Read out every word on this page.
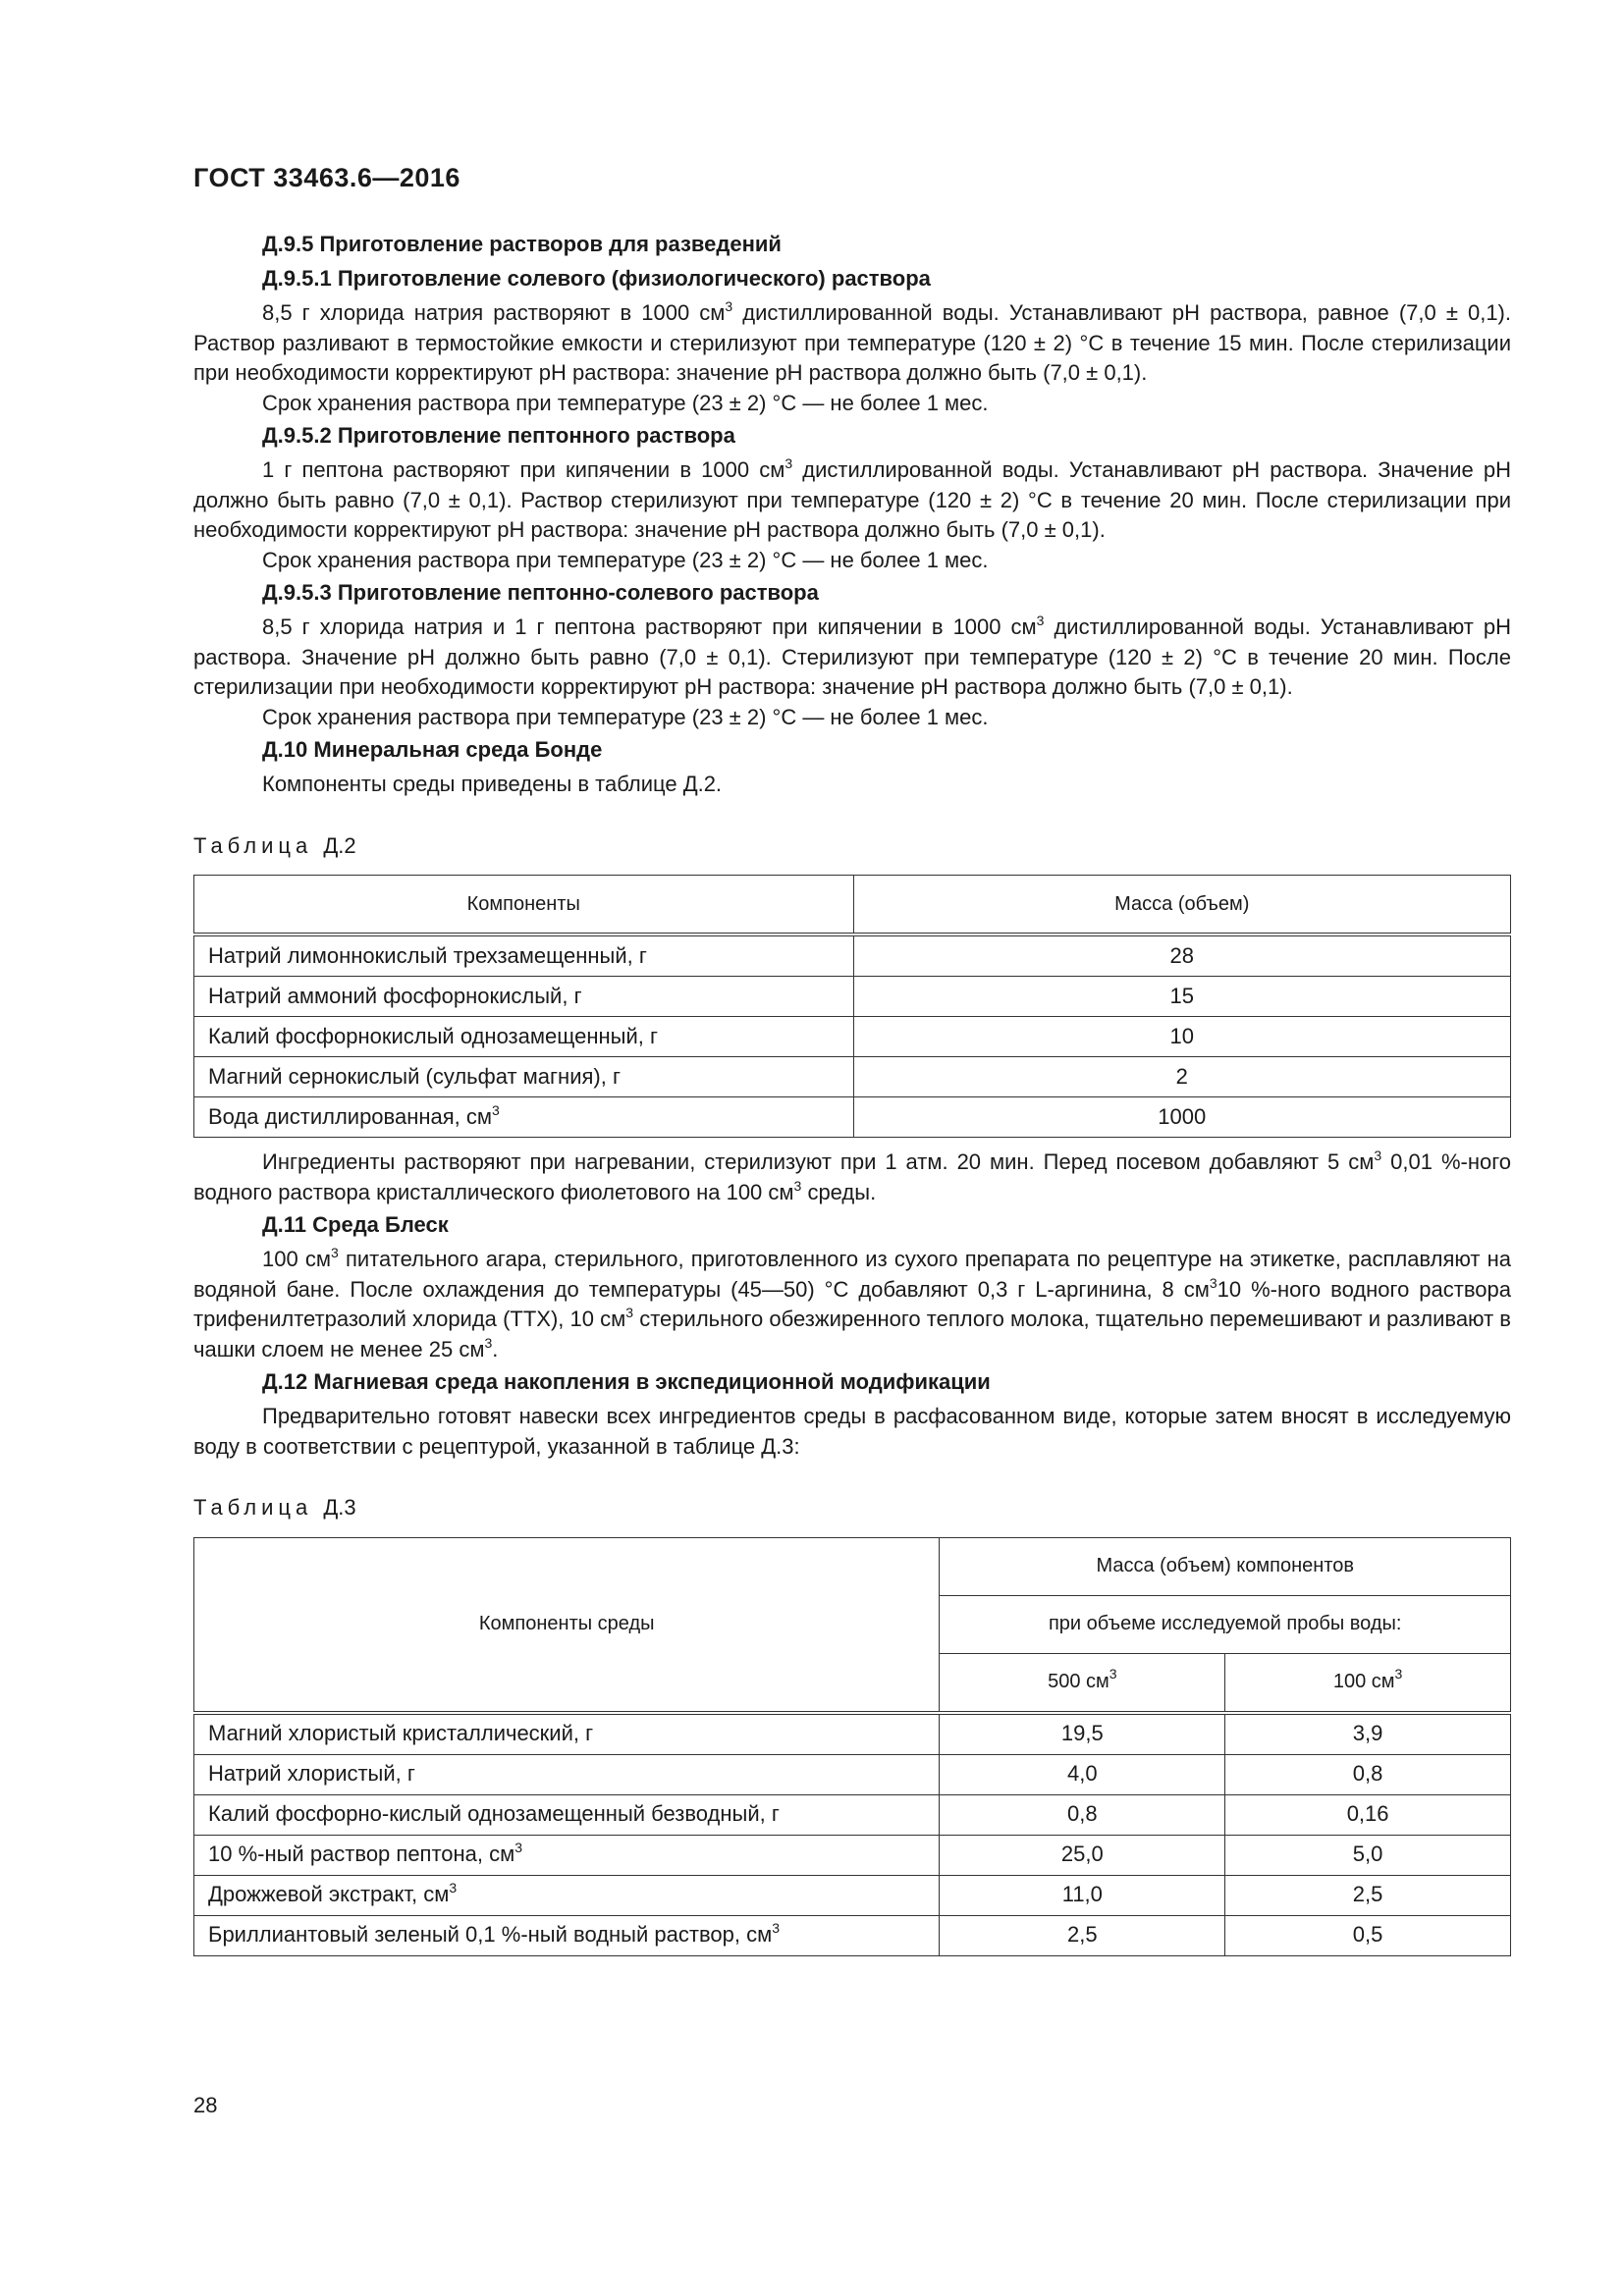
ГОСТ 33463.6—2016
Д.9.5 Приготовление растворов для разведений
Д.9.5.1 Приготовление солевого (физиологического) раствора

8,5 г хлорида натрия растворяют в 1000 $см^3$ дистиллированной воды. Устанавливают pH раствора, равное (7,0 ± 0,1). Раствор разливают в термостойкие емкости и стерилизуют при температуре (120 ± 2) °С в течение 15 мин. После стерилизации при необходимости корректируют pH раствора: значение pH раствора должно быть (7,0 ± 0,1).

Срок хранения раствора при температуре (23 ± 2) °С — не более 1 мес.

Д.9.5.2 Приготовление пептонного раствора

1 г пептона растворяют при кипячении в 1000 $см^3$ дистиллированной воды. Устанавливают pH раствора. Значение pH должно быть равно (7,0 ± 0,1). Раствор стерилизуют при температуре (120 ± 2) °С в течение 20 мин. После стерилизации при необходимости корректируют pH раствора: значение pH раствора должно быть (7,0 ± 0,1).

Срок хранения раствора при температуре (23 ± 2) °С — не более 1 мес.

Д.9.5.3 Приготовление пептонно-солевого раствора

8,5 г хлорида натрия и 1 г пептона растворяют при кипячении в 1000 $см^3$ дистиллированной воды. Устанавливают pH раствора. Значение pH должно быть равно (7,0 ± 0,1). Стерилизуют при температуре (120 ± 2) °С в течение 20 мин. После стерилизации при необходимости корректируют pH раствора: значение pH раствора должно быть (7,0 ± 0,1).

Срок хранения раствора при температуре (23 ± 2) °С — не более 1 мес.

Д.10 Минеральная среда Бонде

Компоненты среды приведены в таблице Д.2.

Таблица Д.2
Компоненты	Масса (объем)
Натрий лимоннокислый трехзамещенный, г	28
Натрий аммоний фосфорнокислый, г	15
Калий фосфорнокислый однозамещенный, г	10
Магний сернокислый (сульфат магния), г	2
Вода дистиллированная, $см^3$	1000

Ингредиенты растворяют при нагревании, стерилизуют при 1 атм. 20 мин. Перед посевом добавляют 5 $см^3$ 0,01 %-ного водного раствора кристаллического фиолетового на 100 $см^3$ среды.

Д.11 Среда Блеск

100 $см^3$ питательного агара, стерильного, приготовленного из сухого препарата по рецептуре на этикетке, расплавляют на водяной бане. После охлаждения до температуры (45—50) °С добавляют 0,3 г L-аргинина, 8 $см^310$ %-ного водного раствора трифенилтетразолий хлорида (ТТХ), 10 $см^3$ стерильного обезжиренного теплого молока, тщательно перемешивают и разливают в чашки слоем не менее 25 $см^3$.

Д.12 Магниевая среда накопления в экспедиционной модификации

Предварительно готовят навески всех ингредиентов среды в расфасованном виде, которые затем вносят в исследуемую воду в соответствии с рецептурой, указанной в таблице Д.3:

Таблица Д.3
Компоненты среды	Масса (объем) компонентов	
	при объеме исследуемой пробы воды:	
	500 $см^3$	100 $см^3$
Магний хлористый кристаллический, г	19,5	3,9
Натрий хлористый, г	4,0	0,8
Калий фосфорно-кислый однозамещенный безводный, г	0,8	0,16
10 %-ный раствор пептона, $см^3$	25,0	5,0
Дрожжевой экстракт, $см^3$	11,0	2,5
Бриллиантовый зеленый 0,1 %-ный водный раствор, $см^3$	2,5	0,5
28
